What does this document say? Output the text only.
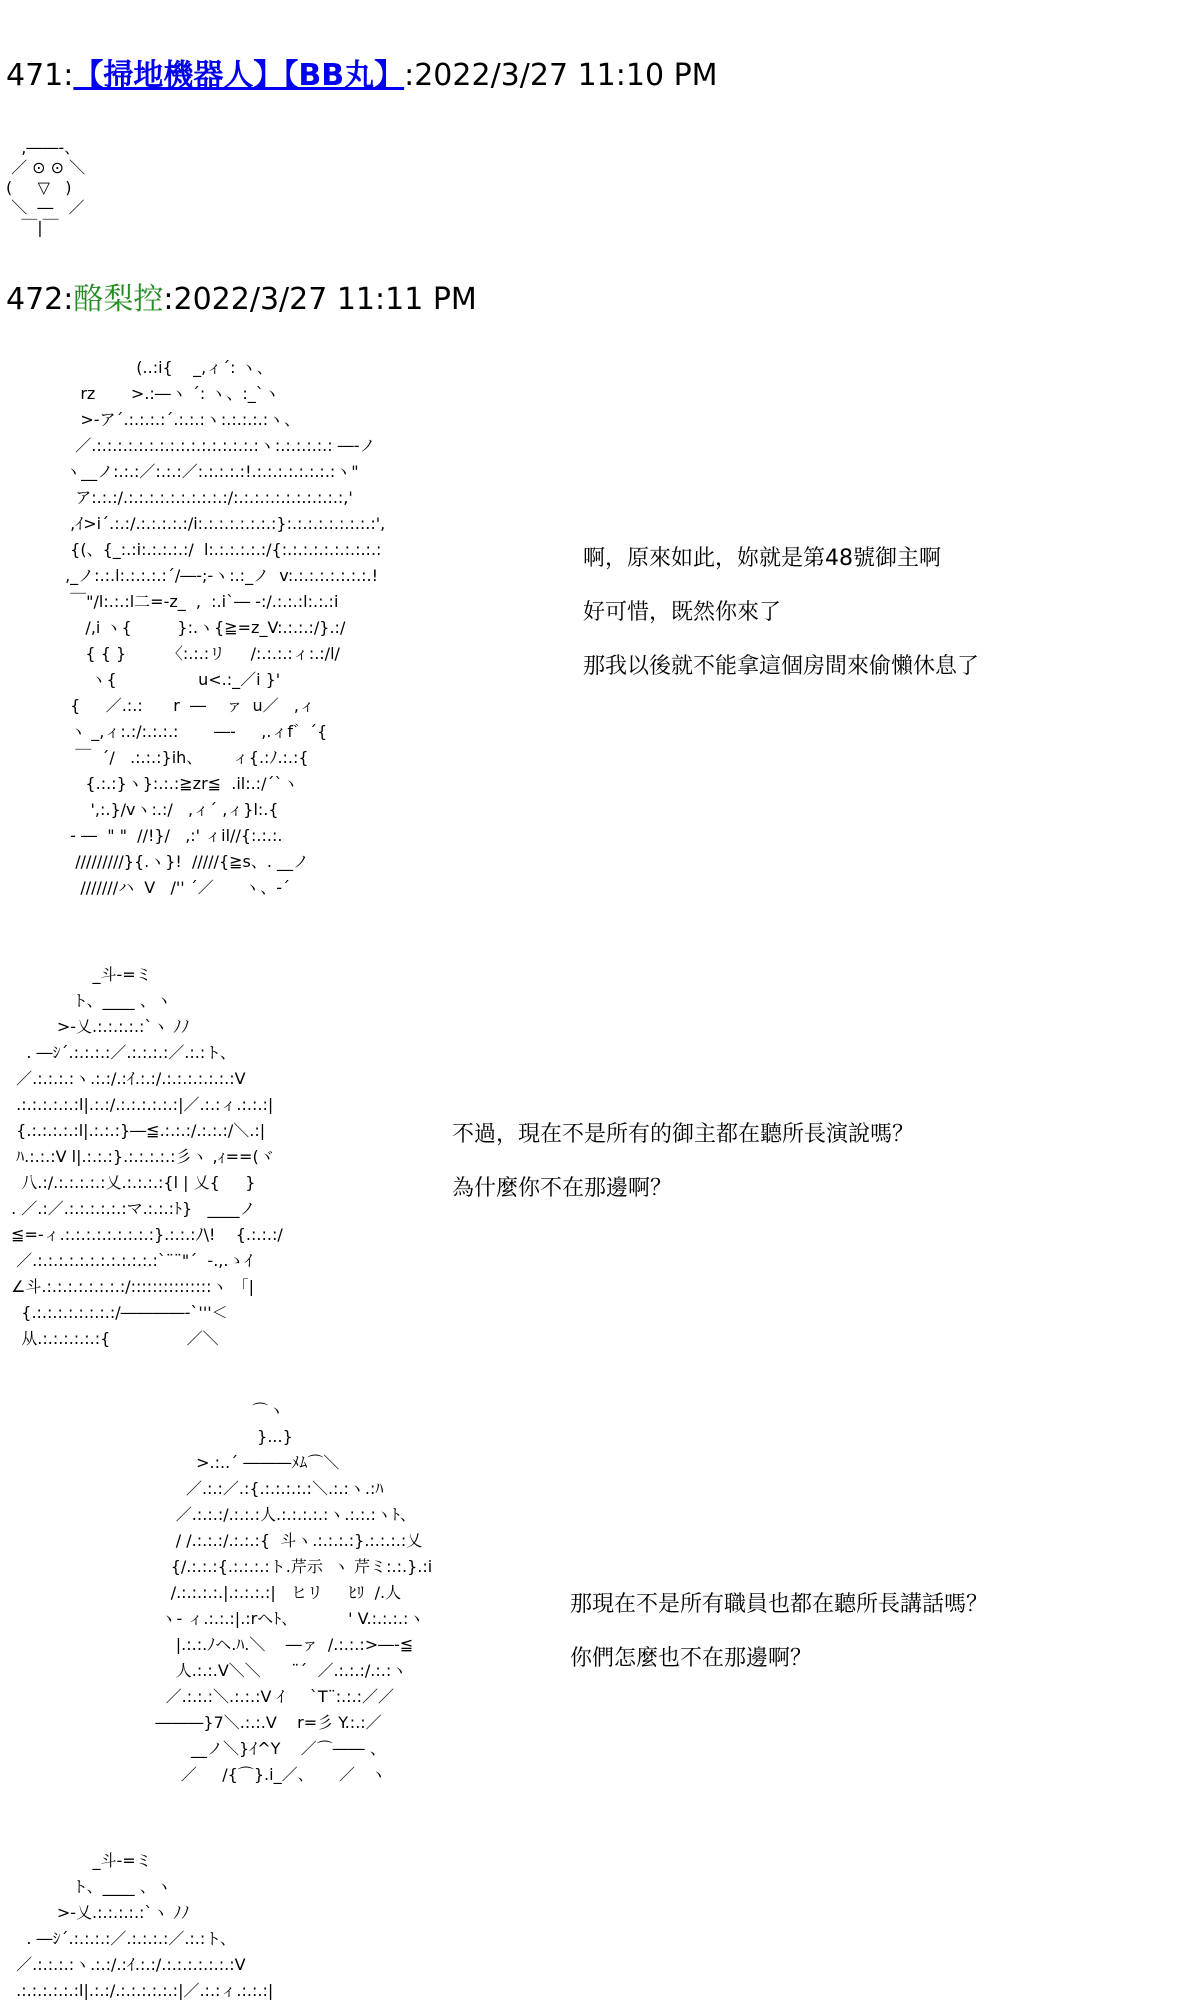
471:【掃地機器人】【BB丸】:2022/3/27 11:10 PM
,――-、
／ ⊙ ⊙ ＼
(     ▽   )
＼  ―   ／
￣|￣
472:酪梨控:2022/3/27 11:11 PM
(..:i{    _,ィ´: ヽ、
rz       >.:―ヽ ´: ヽ、:_`ヽ
>-ア´.:.:.:.:´.:.:.:ヽ:.:.:.:.:ヽ、
／.:.:.:.:.:.:.:.:.:.:.:.:.:.:.:.:ヽ:.:.:.:.:.: ―-ノ
ヽ__ノ:.:.:／:.:.:／:.:.:.:.:!.:.:.:.:.:.:.:.:ヽ"
ア:.:.:/.:.:.:.:.:.:.:.:.:.:/:.:.:.:.:.:.:.:.:.:.:,'
,ｲ>i´.:.:/.:.:.:.:.:/i:.:.:.:.:.:.:.:}:.:.:.:.:.:.:.:.:',
{(、{_:.:i:.:.:.:.:/  l:.:.:.:.:.:/{:.:.:.:.:.:.:.:.:.:
,_ノ:.:.l:.:.:.:.:´/―-;-ヽ:.:_ノ  v:.:.:.:.:.:.:.:.!
￣"/l:.:.:l二=-z_  ,  :.i`― -:/.:.:.:l:.:.:i
/,i ヽ{         }:.ヽ{≧=z_V:.:.:.:/}.:/
{ { }        〈:.:.:リ     /:.:.:.:ィ:.:/l/
ヽ{                u<.:_／i }'
{     ／.:.:      r  ―    ァ  u／   ,ィ
ヽ _,ィ:.:/:.:.:.:       ―-     ,.ィf゛´{
￣  ´/   .:.:.:}ih、      ィ{.:ﾉ.:.:{
{.:.:}ヽ}:.:.:≧zr≦  .il:.:/´`ヽ
',:.}/vヽ:.:/   ,ィ´ ,ィ}l:.{
- ―  " "  //!}/   ,:' ィil//{:.:.:.
/////////}{.ヽ}!  /////{≧s、. __ノ
///////ハ  V   /'' ´／      ヽ、-´
啊，原來如此，妳就是第48號御主啊
好可惜，既然你來了
那我以後就不能拿這個房間來偷懶休息了
_斗-=ミ
ト、____ 、ヽ
>‐乂.:.:.:.:.:`ヽ ﾉﾉ
. ―ｼ´.:.:.:.:／.:.:.:.:／.:.:ト、
／.:.:.:.:ヽ.:.:/.:ｲ.:.:/.:.:.:.:.:.:.:V
.:.:.:.:.:.:l|.:.:/.:.:.:.:.:.:|／.:.:ィ.:.:.:|
{.:.:.:.:.:l|.:.:.:}―≦.:.:.:/.:.:.:/＼.:|
ﾊ.:.:.:V l|.:.:.:}.:.:.:.:.:彡ヽ ,ｨ==(ヾ
八.:/.:.:.:.:.:乂.:.:.:.:{l | 乂{     }
. ／.:／.:.:.:.:.:.:マ.:.:.:ﾄ}   ____ノ
≦=-ィ.:.:.:.:.:.:.:.:.:}.:.:.:ﾉ\!    {.:.:.:/
／.:.:.:.:.:.:.:.:.:.:.:.:`¨¨"´  -.,.ゝｲ
∠斗.:.:.:.:.:.:.:.:/:::::::::::::::ヽ 「|
{.:.:.:.:.:.:.:.:/――――‐`'''＜
从.:.:.:.:.:.:{               ／＼
不過，現在不是所有的御主都在聽所長演說嗎？
為什麼你不在那邊啊？
⌒ヽ
}...}
>.:..´ ―――ﾒﾑ⌒＼
／.:.:／.:{.:.:.:.:.:＼.:.:ヽ.:ﾊ
／.:.:.:/.:.:.:人.:.:.:.:.:ヽ.:.:.:ヽﾄ、
/ /.:.:.:/.:.:.:{  斗ヽ.:.:.:.:}.:.:.:.:乂
{/.:.:.:{.:.:.:.:ト.芹示  ヽ 芹ミ:.:.}.:i
/.:.:.:.:.|.:.:.:.:|   ヒリ     ﾋﾘ  /.人
ヽ‐ ィ.:.:.:|.:rヘﾄ、          ' V.:.:.:.:ヽ
|.:.:.ﾉヘ.ﾊ.＼    ―ァ  /.:.:.:>―‐≦
人.:.:.V＼＼      ¨´  ／.:.:.:/.:.:ヽ
／.:.:.:＼.:.:.:V ｲ     `T¨:.:.:／／
―――}7＼.:.:.V    r=彡 Y.:.:／
__ノ＼}ｲ^Y    ／⌒―― 、
／     /{⌒}.i_／、     ／   ヽ
那現在不是所有職員也都在聽所長講話嗎？
你們怎麼也不在那邊啊？
_斗-=ミ
ト、____ 、ヽ
>‐乂.:.:.:.:.:`ヽ ﾉﾉ
. ―ｼ´.:.:.:.:／.:.:.:.:／.:.:ト、
／.:.:.:.:ヽ.:.:/.:ｲ.:.:/.:.:.:.:.:.:.:V
.:.:.:.:.:.:l|.:.:/.:.:.:.:.:.:|／.:.:ィ.:.:.:|
